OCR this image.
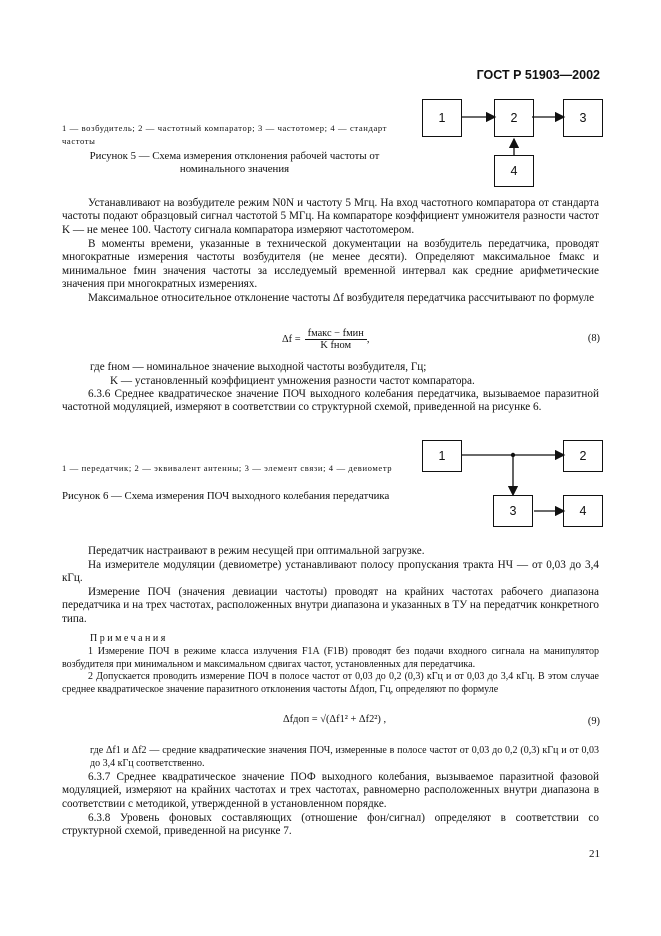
ГОСТ Р 51903—2002
1 — возбудитель; 2 — частотный компаратор; 3 — частотомер; 4 — стандарт частоты
Рисунок 5 — Схема измерения отклонения рабочей частоты от номинального значения
1	2	3
4
Устанавливают на возбудителе режим N0N и частоту 5 Мгц. На вход частотного компаратора от стандарта частоты подают образцовый сигнал частотой 5 МГц. На компараторе коэффициент умножителя разности частот K — не менее 100. Частоту сигнала компаратора измеряют частотомером.
В моменты времени, указанные в технической документации на возбудитель передатчика, проводят многократные измерения частоты возбудителя (не менее десяти). Определяют максимальное fмакс и минимальное fмин значения частоты за исследуемый временной интервал как средние арифметические значения при многократных измерениях.
Максимальное относительное отклонение частоты Δf возбудителя передатчика рассчитывают по формуле
$\Delta f = \frac{\text{fмакс − fмин}}{\text{K fном}}$ ,	(8)
где fном — номинальное значение выходной частоты возбудителя, Гц;
K — установленный коэффициент умножения разности частот компаратора.
6.3.6 Среднее квадратическое значение ПОЧ выходного колебания передатчика, вызываемое паразитной частотной модуляцией, измеряют в соответствии со структурной схемой, приведенной на рисунке 6.
1 — передатчик; 2 — эквивалент антенны; 3 — элемент связи; 4 — девиометр
Рисунок 6 — Схема измерения ПОЧ выходного колебания передатчика
1	2
3	4
Передатчик настраивают в режим несущей при оптимальной загрузке.
На измерителе модуляции (девиометре) устанавливают полосу пропускания тракта НЧ — от 0,03 до 3,4 кГц.
Измерение ПОЧ (значения девиации частоты) проводят на крайних частотах рабочего диапазона передатчика и на трех частотах, расположенных внутри диапазона и указанных в ТУ на передатчик конкретного типа.
Примечания
1 Измерение ПОЧ в режиме класса излучения F1A (F1B) проводят без подачи входного сигнала на манипулятор возбудителя при минимальном и максимальном сдвигах частот, установленных для передатчика.
2 Допускается проводить измерение ПОЧ в полосе частот от 0,03 до 0,2 (0,3) кГц и от 0,03 до 3,4 кГц. В этом случае среднее квадратическое значение паразитного отклонения частоты Δfдоп, Гц, определяют по формуле
Δfдоп = √(Δf1² + Δf2²) ,	(9)
где Δf1 и Δf2 — средние квадратические значения ПОЧ, измеренные в полосе частот от 0,03 до 0,2 (0,3) кГц и от 0,03 до 3,4 кГц соответственно.
6.3.7 Среднее квадратическое значение ПОФ выходного колебания, вызываемое паразитной фазовой модуляцией, измеряют на крайних частотах и трех частотах, равномерно расположенных внутри диапазона в соответствии с методикой, утвержденной в установленном порядке.
6.3.8 Уровень фоновых составляющих (отношение фон/сигнал) определяют в соответствии со структурной схемой, приведенной на рисунке 7.
21
